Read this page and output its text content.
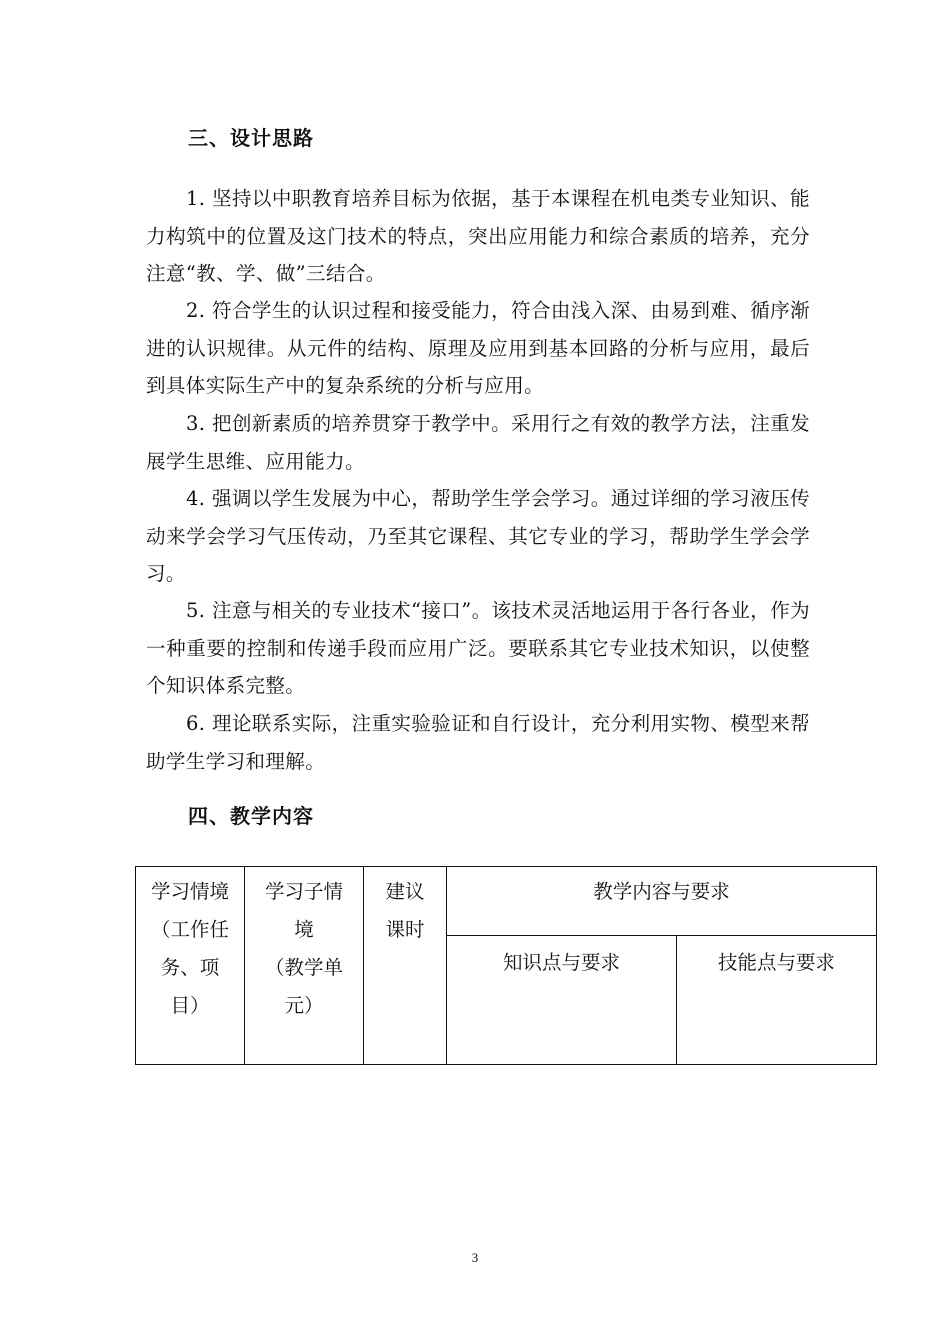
三、设计思路

1. 坚持以中职教育培养目标为依据，基于本课程在机电类专业知识、能力构筑中的位置及这门技术的特点，突出应用能力和综合素质的培养，充分注意“教、学、做”三结合。

2. 符合学生的认识过程和接受能力，符合由浅入深、由易到难、循序渐进的认识规律。从元件的结构、原理及应用到基本回路的分析与应用，最后到具体实际生产中的复杂系统的分析与应用。

3. 把创新素质的培养贯穿于教学中。采用行之有效的教学方法，注重发展学生思维、应用能力。

4. 强调以学生发展为中心，帮助学生学会学习。通过详细的学习液压传动来学会学习气压传动，乃至其它课程、其它专业的学习，帮助学生学会学习。

5. 注意与相关的专业技术“接口”。该技术灵活地运用于各行各业，作为一种重要的控制和传递手段而应用广泛。要联系其它专业技术知识，以使整个知识体系完整。

6. 理论联系实际，注重实验验证和自行设计，充分利用实物、模型来帮助学生学习和理解。

四、教学内容
学习情境
（工作任
务、项
目）	学习子情
境
（教学单
元）	建议
课时	教学内容与要求	
			知识点与要求	技能点与要求
3
